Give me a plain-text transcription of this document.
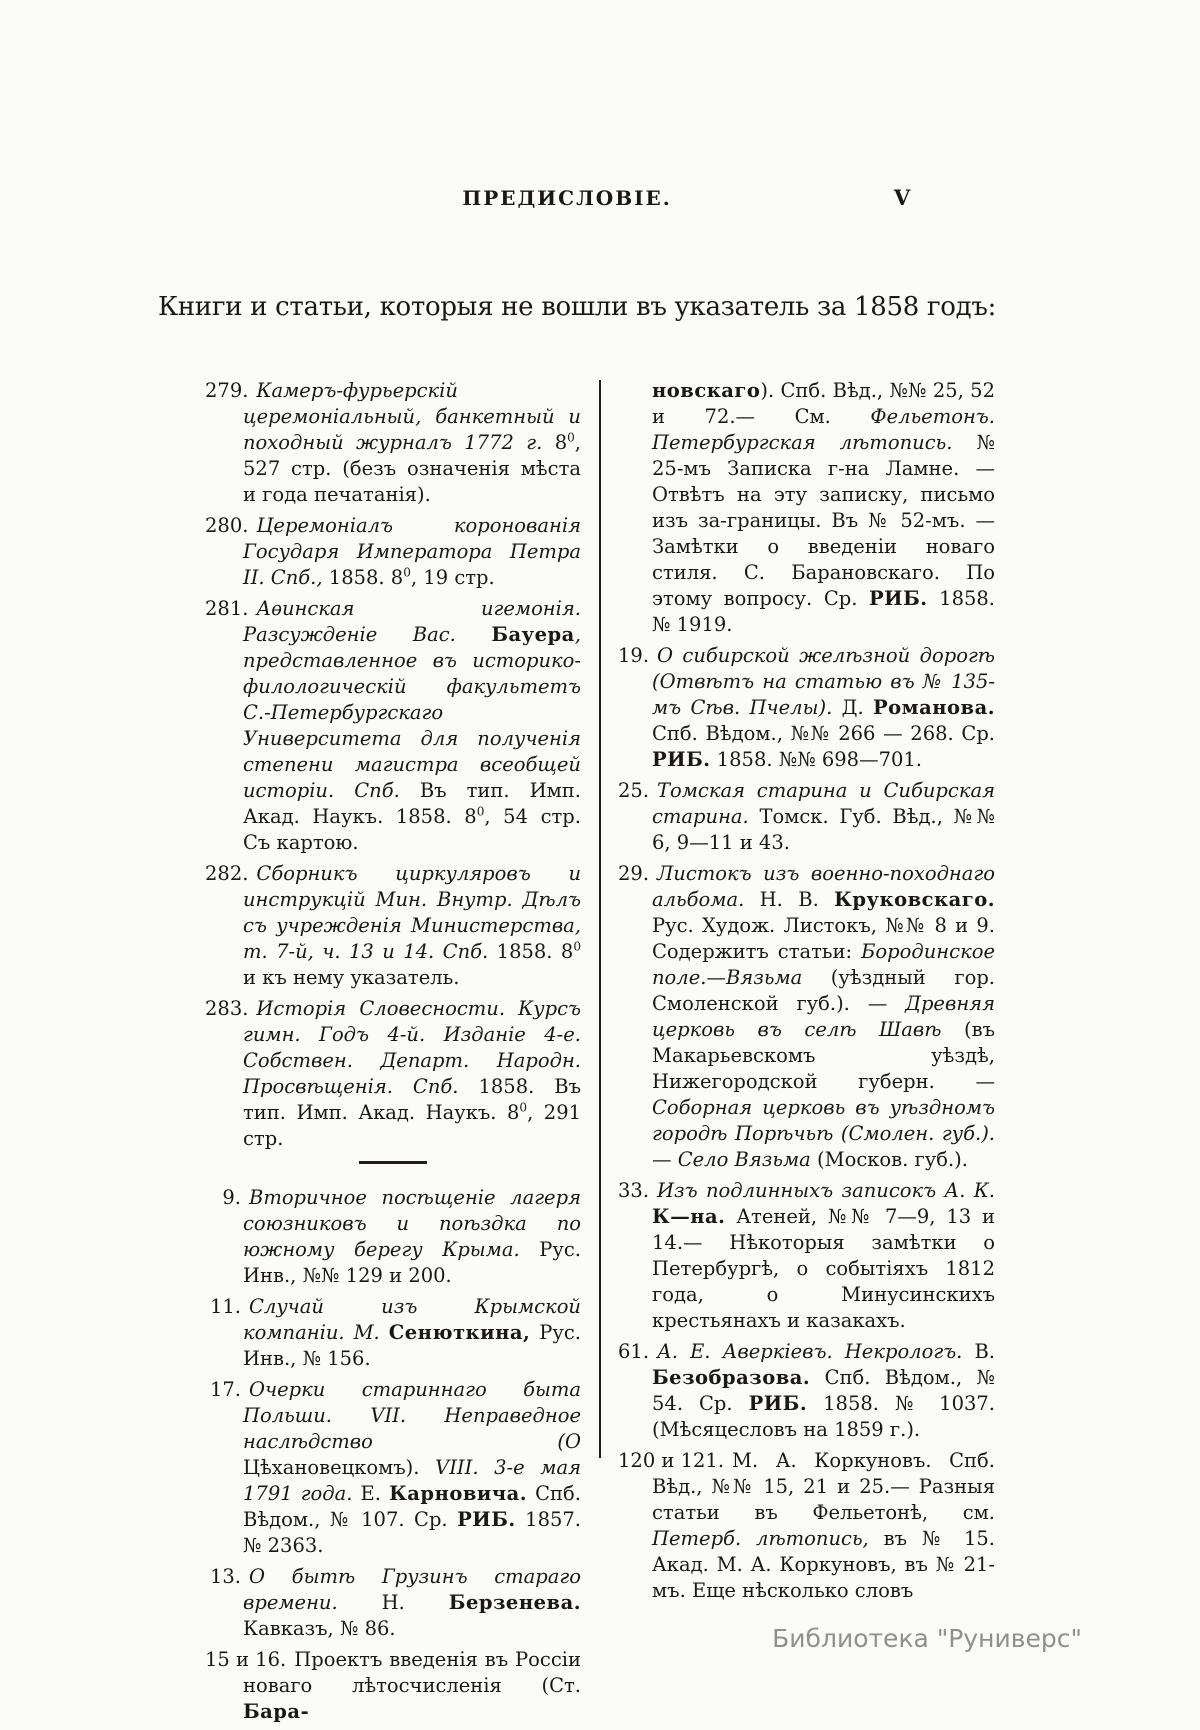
ПРЕДИСЛОВІЕ.	V
Книги и статьи, которыя не вошли въ указатель за 1858 годъ:
279. Камеръ-фурьерскій церемоніальный, банкетный и походный журналъ 1772 г. $8^0$, 527 стр. (безъ означенія мѣста и года печатанія).
280. Церемоніалъ коронованія Государя Императора Петра II. Спб., 1858. $8^0$, 19 стр.
281. Аѳинская игемонія. Разсужденіе Вас. Бауера, представленное въ историко-филологическій факультетъ С.-Петербургскаго Университета для полученія степени магистра всеобщей исторіи. Спб. Въ тип. Имп. Акад. Наукъ. 1858. $8^0$, 54 стр. Съ картою.
282. Сборникъ циркуляровъ и инструкцій Мин. Внутр. Дѣлъ съ учрежденія Министерства, т. 7-й, ч. 13 и 14. Спб. 1858. $8^0$ и къ нему указатель.
283. Исторія Словесности. Курсъ гимн. Годъ 4-й. Изданіе 4-е. Собствен. Департ. Народн. Просвѣщенія. Спб. 1858. Въ тип. Имп. Акад. Наукъ. $8^0$, 291 стр.
9. Вторичное посѣщеніе лагеря союзниковъ и поѣздка по южному берегу Крыма. Рус. Инв., №№ 129 и 200.
11. Случай изъ Крымской компаніи. М. Сенюткина, Рус. Инв., № 156.
17. Очерки стариннаго быта Польши. VII. Неправедное наслѣдство (О Цѣхановецкомъ). VIII. 3-е мая 1791 года. Е. Карновича. Спб. Вѣдом., № 107. Ср. РИБ. 1857. № 2363.
13. О бытѣ Грузинъ стараго времени. Н. Берзенева. Кавказъ, № 86.
15 и 16. Проектъ введенія въ Россіи новаго лѣтосчисленія (Ст. Бара-
новскаго). Спб. Вѣд., №№ 25, 52 и 72.— См. Фельетонъ. Петербургская лѣтопись. № 25-мъ Записка г-на Ламне. — Отвѣтъ на эту записку, письмо изъ за-границы. Въ № 52-мъ. —Замѣтки о введеніи новаго стиля. С. Барановскаго. По этому вопросу. Ср. РИБ. 1858. № 1919.
19. О сибирской желѣзной дорогѣ (Отвѣтъ на статью въ № 135-мъ Сѣв. Пчелы). Д. Романова. Спб. Вѣдом., №№ 266 — 268. Ср. РИБ. 1858. №№ 698—701.
25. Томская старина и Сибирская старина. Томск. Губ. Вѣд., №№ 6, 9—11 и 43.
29. Листокъ изъ военно-походнаго альбома. Н. В. Круковскаго. Рус. Худож. Листокъ, №№ 8 и 9. Содержитъ статьи: Бородинское поле.—Вязьма (уѣздный гор. Смоленской губ.). — Древняя церковь въ селѣ Шавѣ (въ Макарьевскомъ уѣздѣ, Нижегородской губерн. — Соборная церковь въ уѣздномъ городѣ Порѣчьѣ (Смолен. губ.).— Село Вязьма (Москов. губ.).
33. Изъ подлинныхъ записокъ А. К. К—на. Атеней, №№ 7—9, 13 и 14.— Нѣкоторыя замѣтки о Петербургѣ, о событіяхъ 1812 года, о Минусинскихъ крестьянахъ и казакахъ.
61. А. Е. Аверкіевъ. Некрологъ. В. Безобразова. Спб. Вѣдом., № 54. Ср. РИБ. 1858. № 1037. (Мѣсяцесловъ на 1859 г.).
120 и 121. М. А. Коркуновъ. Спб. Вѣд., №№ 15, 21 и 25.— Разныя статьи въ Фельетонѣ, см. Петерб. лѣтопись, въ № 15. Акад. М. А. Коркуновъ, въ № 21-мъ. Еще нѣсколько словъ
Библиотека "Руниверс"
